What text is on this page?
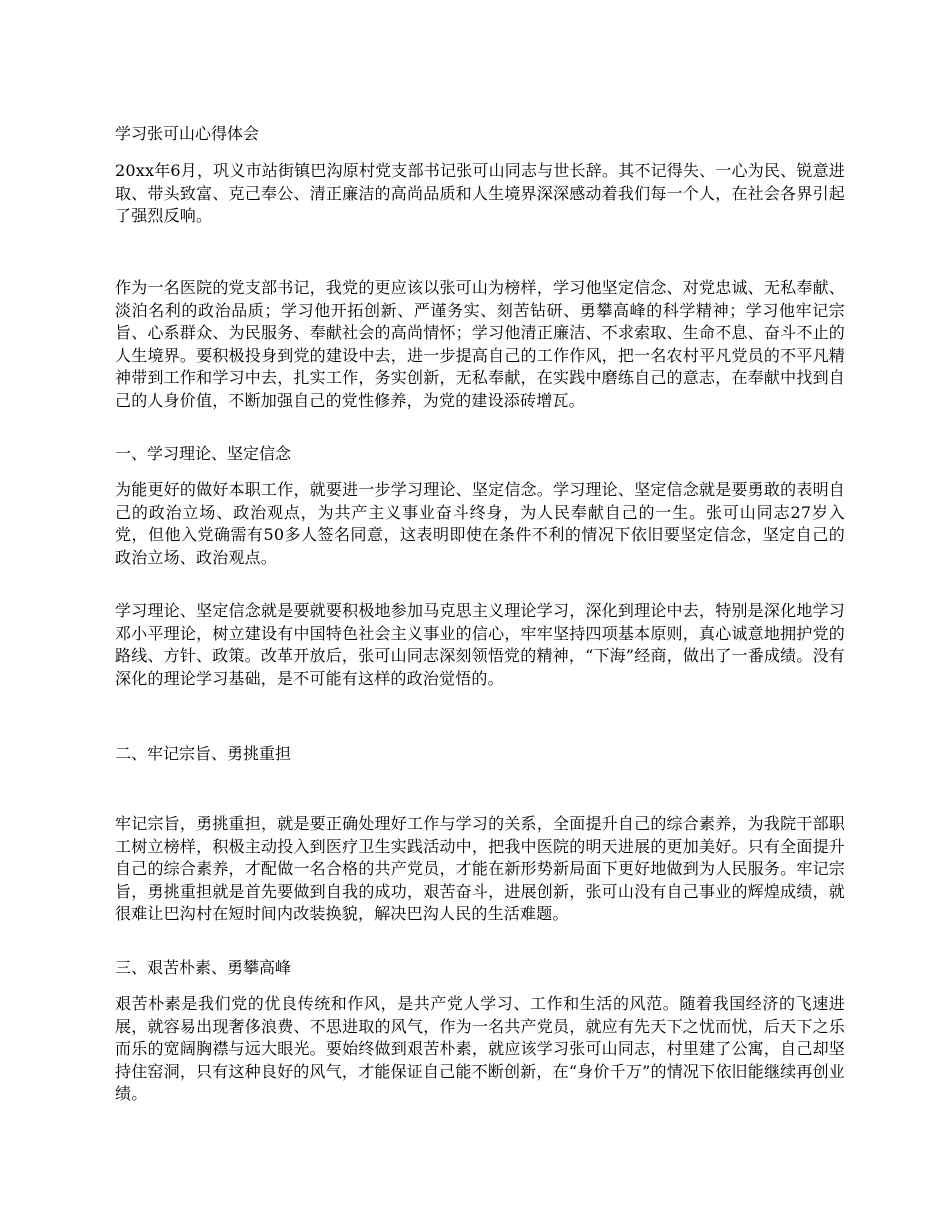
学习张可山心得体会

20xx年6月，巩义市站街镇巴沟原村党支部书记张可山同志与世长辞。其不记得失、一心为民、锐意进取、带头致富、克己奉公、清正廉洁的高尚品质和人生境界深深感动着我们每一个人，在社会各界引起了强烈反响。

作为一名医院的党支部书记，我党的更应该以张可山为榜样，学习他坚定信念、对党忠诚、无私奉献、淡泊名利的政治品质；学习他开拓创新、严谨务实、刻苦钻研、勇攀高峰的科学精神；学习他牢记宗旨、心系群众、为民服务、奉献社会的高尚情怀；学习他清正廉洁、不求索取、生命不息、奋斗不止的人生境界。要积极投身到党的建设中去，进一步提高自己的工作作风，把一名农村平凡党员的不平凡精神带到工作和学习中去，扎实工作，务实创新，无私奉献，在实践中磨练自己的意志，在奉献中找到自己的人身价值，不断加强自己的党性修养，为党的建设添砖增瓦。

一、学习理论、坚定信念

为能更好的做好本职工作，就要进一步学习理论、坚定信念。学习理论、坚定信念就是要勇敢的表明自己的政治立场、政治观点，为共产主义事业奋斗终身，为人民奉献自己的一生。张可山同志27岁入党，但他入党确需有50多人签名同意，这表明即使在条件不利的情况下依旧要坚定信念，坚定自己的政治立场、政治观点。

学习理论、坚定信念就是要就要积极地参加马克思主义理论学习，深化到理论中去，特别是深化地学习邓小平理论，树立建设有中国特色社会主义事业的信心，牢牢坚持四项基本原则，真心诚意地拥护党的路线、方针、政策。改革开放后，张可山同志深刻领悟党的精神，“下海”经商，做出了一番成绩。没有深化的理论学习基础，是不可能有这样的政治觉悟的。

二、牢记宗旨、勇挑重担

牢记宗旨，勇挑重担，就是要正确处理好工作与学习的关系，全面提升自己的综合素养，为我院干部职工树立榜样，积极主动投入到医疗卫生实践活动中，把我中医院的明天进展的更加美好。只有全面提升自己的综合素养，才配做一名合格的共产党员，才能在新形势新局面下更好地做到为人民服务。牢记宗旨，勇挑重担就是首先要做到自我的成功，艰苦奋斗，进展创新，张可山没有自己事业的辉煌成绩，就很难让巴沟村在短时间内改装换貌，解决巴沟人民的生活难题。

三、艰苦朴素、勇攀高峰

艰苦朴素是我们党的优良传统和作风，是共产党人学习、工作和生活的风范。随着我国经济的飞速进展，就容易出现奢侈浪费、不思进取的风气，作为一名共产党员，就应有先天下之忧而忧，后天下之乐而乐的宽阔胸襟与远大眼光。要始终做到艰苦朴素，就应该学习张可山同志，村里建了公寓，自己却坚持住窑洞，只有这种良好的风气，才能保证自己能不断创新，在“身价千万”的情况下依旧能继续再创业绩。
